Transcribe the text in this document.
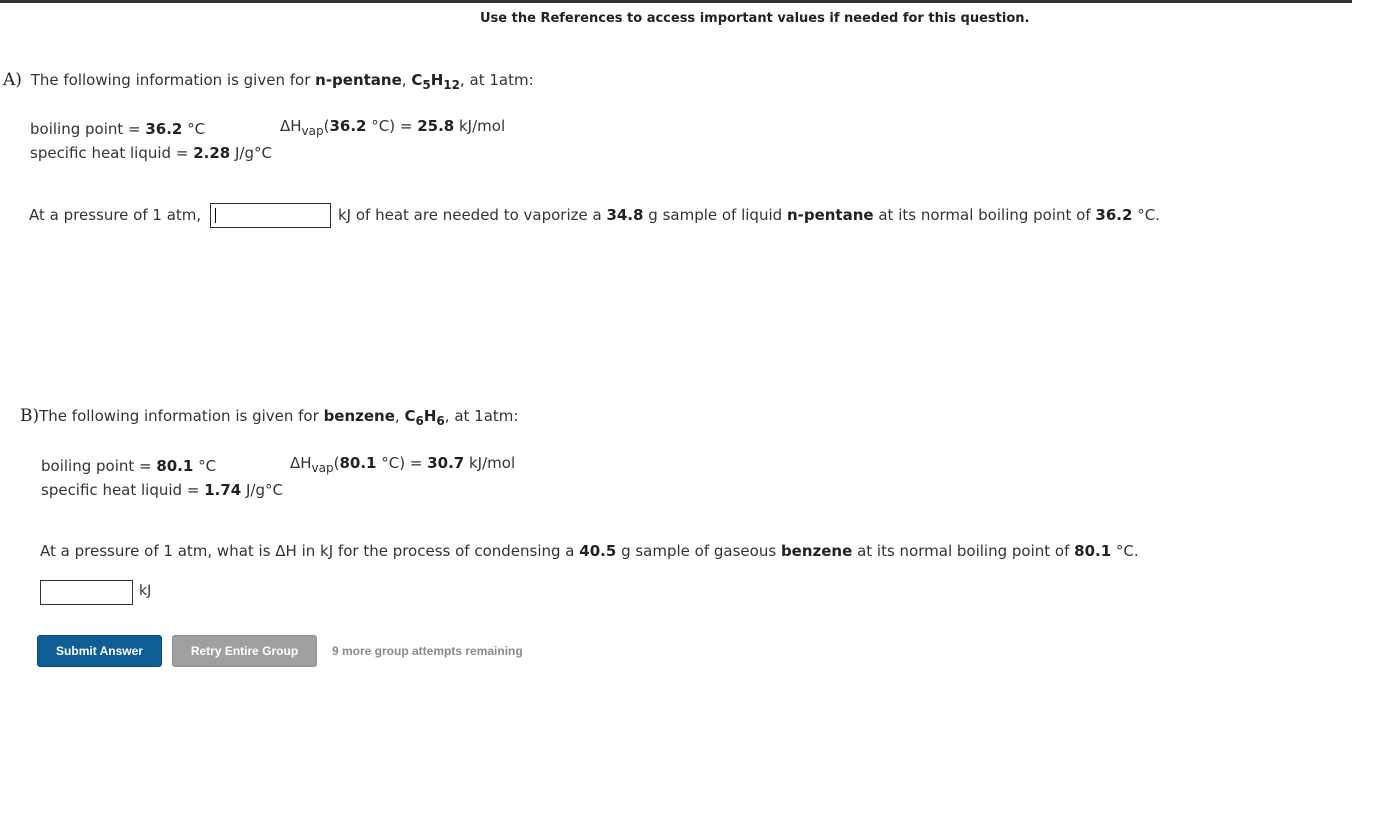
Use the References to access important values if needed for this question.
A) The following information is given for n-pentane, $C_5H_{12}$, at 1atm:
boiling point = 36.2 °C	$\Delta H_{vap}(36.2$ °C) = 25.8 kJ/mol
specific heat liquid = 2.28 J/g°C
At a pressure of 1 atm,	kJ of heat are needed to vaporize a 34.8 g sample of liquid n-pentane at its normal boiling point of 36.2 °C.
B)The following information is given for benzene, $C_6H_6$, at 1atm:
boiling point = 80.1 °C	$\Delta H_{vap}(80.1$ °C) = 30.7 kJ/mol
specific heat liquid = 1.74 J/g°C
At a pressure of 1 atm, what is ΔH in kJ for the process of condensing a 40.5 g sample of gaseous benzene at its normal boiling point of 80.1 °C.
kJ
Submit Answer	Retry Entire Group	9 more group attempts remaining
